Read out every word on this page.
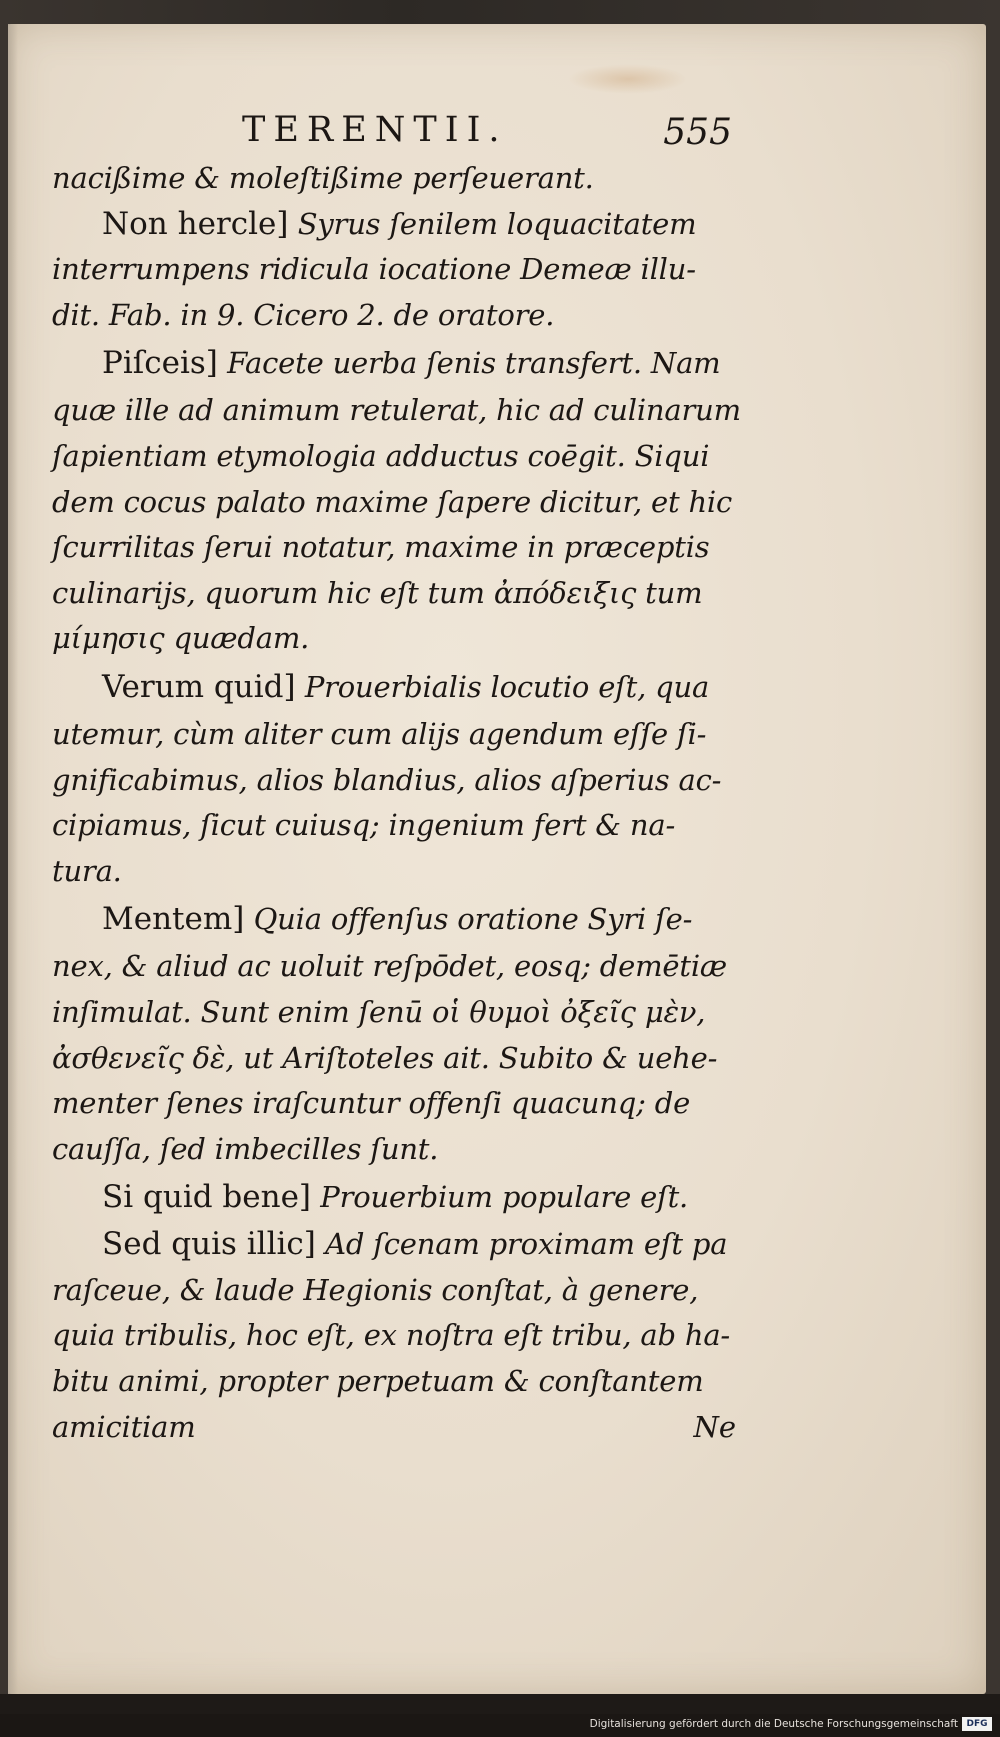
TERENTII.	555
nacißime & moleſtißime perſeuerant.
Non hercle] Syrus ſenilem loquacitatem
interrumpens ridicula iocatione Demeæ illu-
dit. Fab. in 9. Cicero 2. de oratore.
Piſceis] Facete uerba ſenis transfert. Nam
quæ ille ad animum retulerat, hic ad culinarum
ſapientiam etymologia adductus coēgit. Siqui
dem cocus palato maxime ſapere dicitur, et hic
ſcurrilitas ſerui notatur, maxime in præceptis
culinarijs, quorum hic eſt tum ἀπόδειξις tum
μίμησις quædam.
Verum quid] Prouerbialis locutio eſt, qua
utemur, cùm aliter cum alijs agendum eſſe ſi-
gnificabimus, alios blandius, alios aſperius ac-
cipiamus, ſicut cuiusq; ingenium fert & na-
tura.
Mentem] Quia offenſus oratione Syri ſe-
nex, & aliud ac uoluit reſpōdet, eosq; demētiæ
inſimulat. Sunt enim ſenū οἱ θυμοὶ ὀξεῖς μὲν,
ἀσθενεῖς δὲ, ut Ariſtoteles ait. Subito & uehe-
menter ſenes iraſcuntur offenſi quacunq; de
cauſſa, ſed imbecilles ſunt.
Si quid bene] Prouerbium populare eſt.
Sed quis illic] Ad ſcenam proximam eſt pa
raſceue, & laude Hegionis conſtat, à genere,
quia tribulis, hoc eſt, ex noſtra eſt tribu, ab ha-
bitu animi, propter perpetuam & conſtantem
amicitiam	Ne
Digitalisierung gefördert durch die Deutsche Forschungsgemeinschaft DFG
